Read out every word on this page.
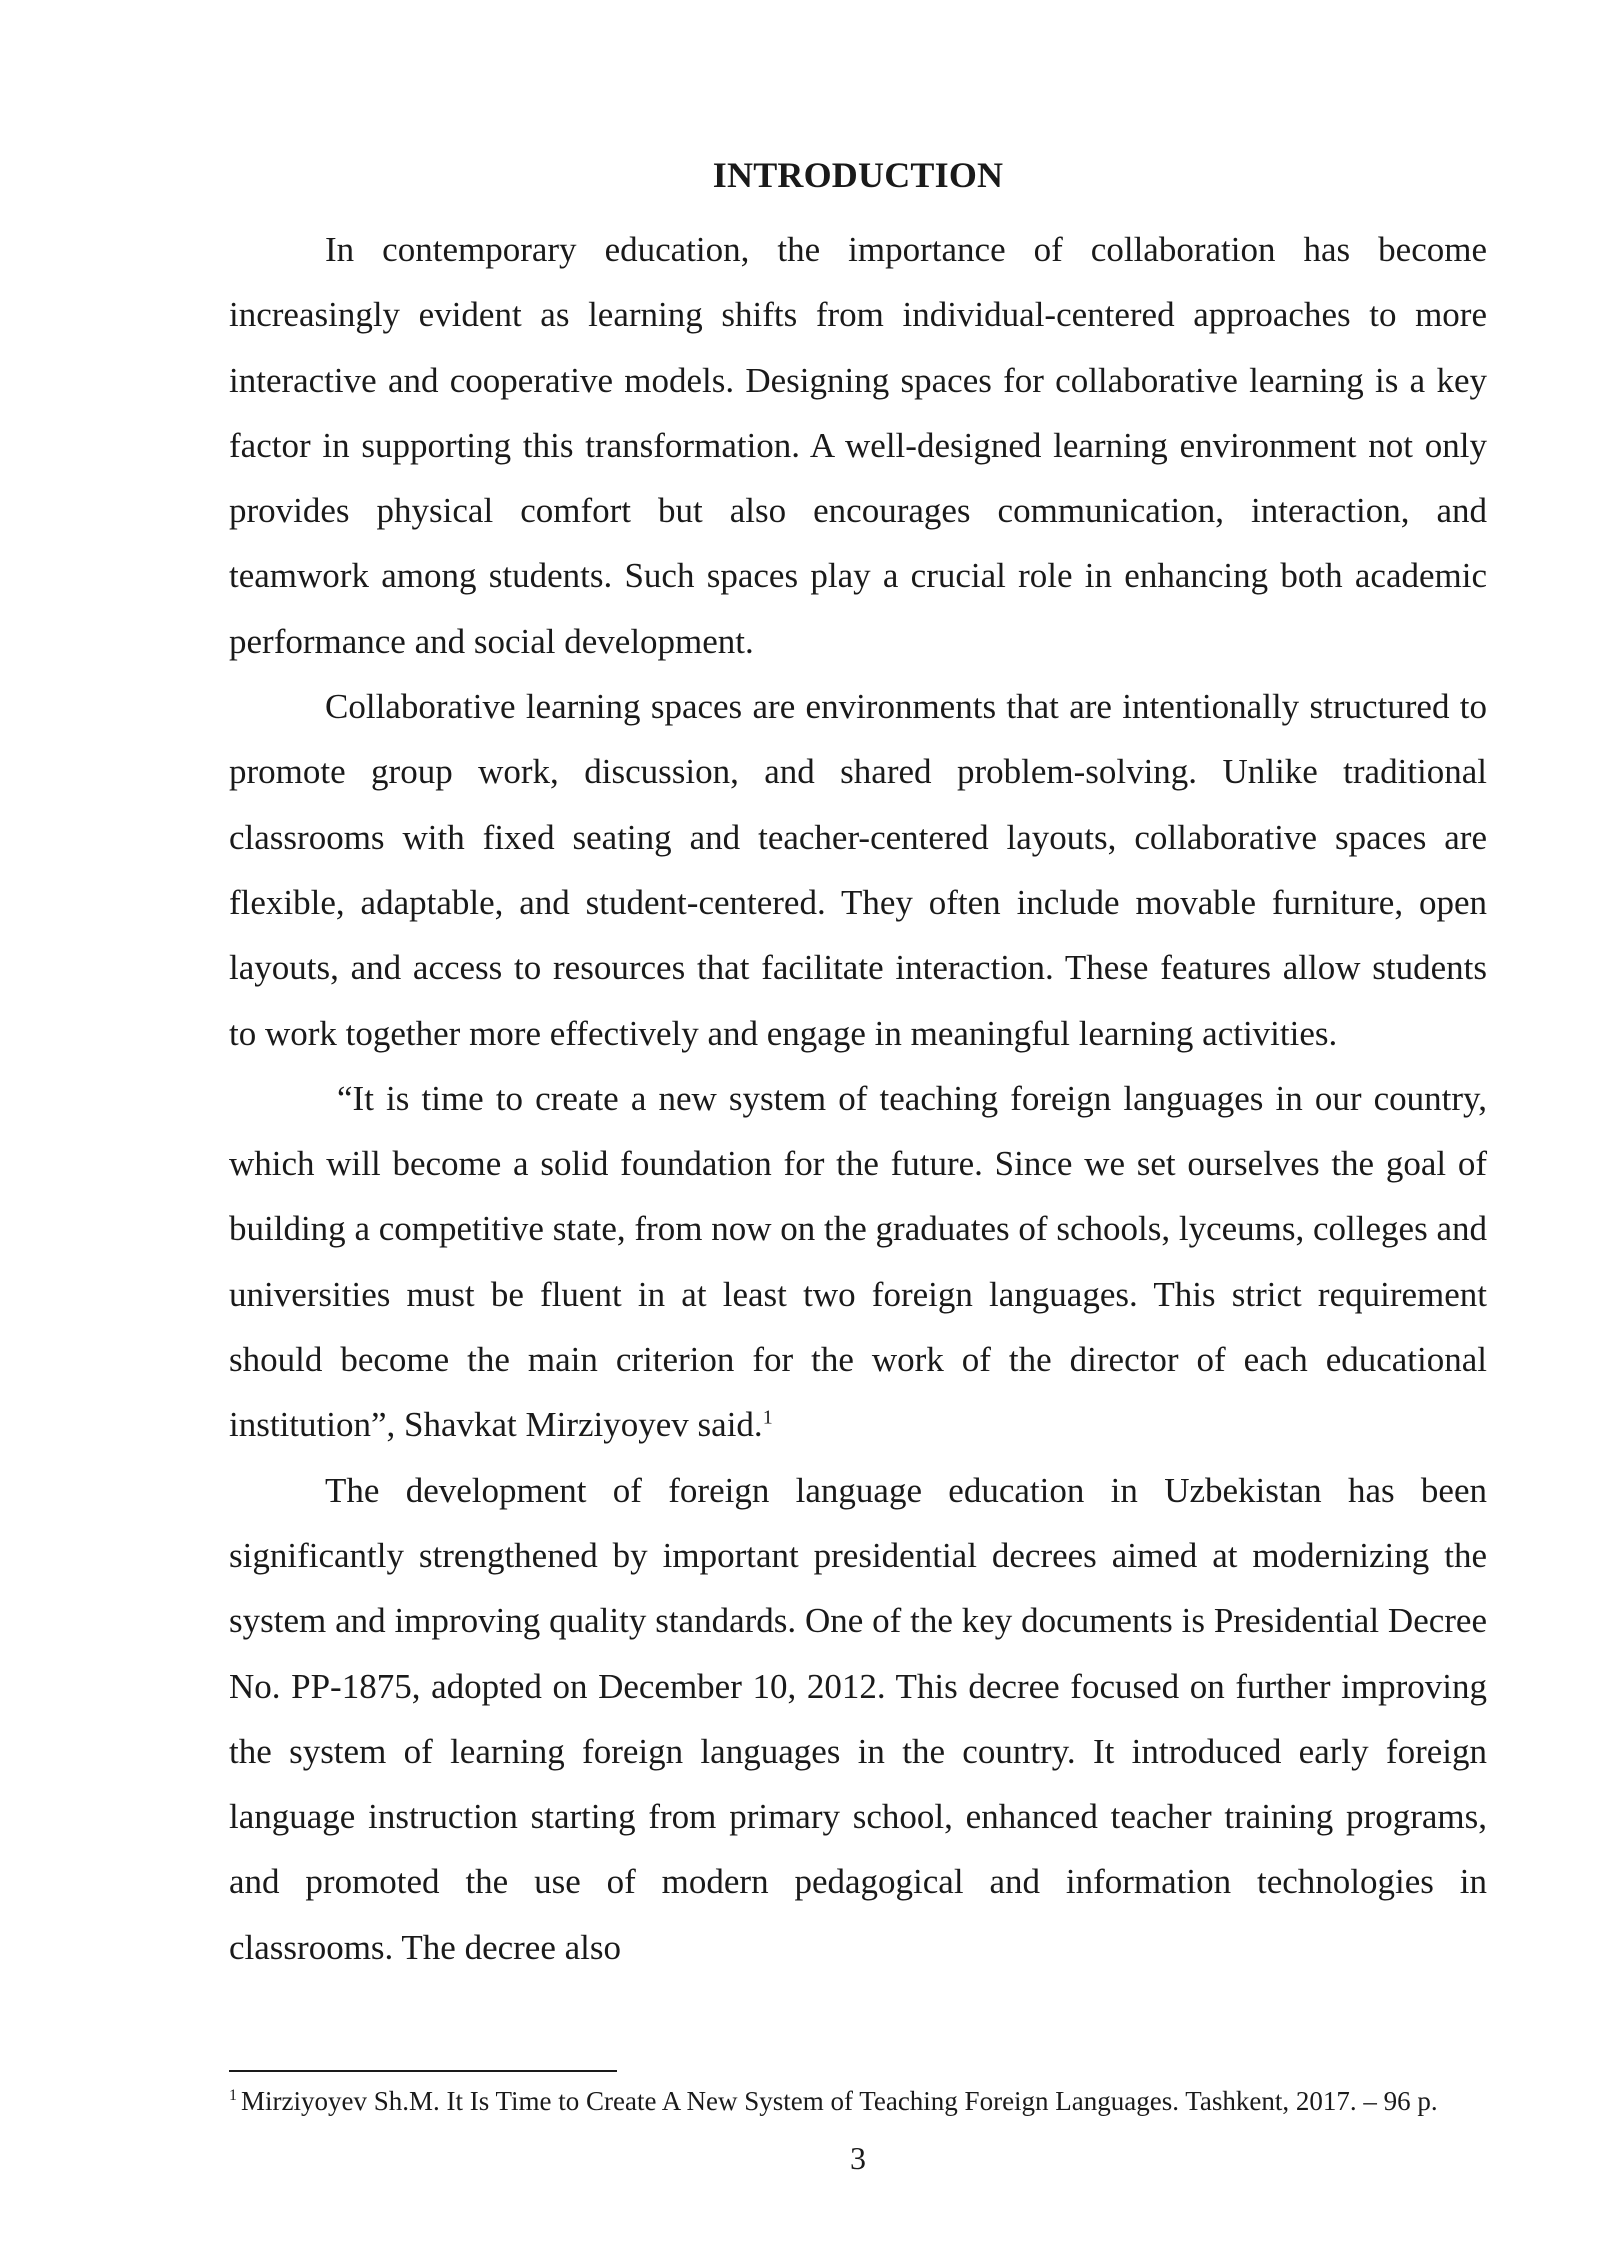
INTRODUCTION

In contemporary education, the importance of collaboration has become increasingly evident as learning shifts from individual-centered approaches to more interactive and cooperative models. Designing spaces for collaborative learning is a key factor in supporting this transformation. A well-designed learning environment not only provides physical comfort but also encourages communication, interaction, and teamwork among students. Such spaces play a crucial role in enhancing both academic performance and social development.

Collaborative learning spaces are environments that are intentionally structured to promote group work, discussion, and shared problem-solving. Unlike traditional classrooms with fixed seating and teacher-centered layouts, collaborative spaces are flexible, adaptable, and student-centered. They often include movable furniture, open layouts, and access to resources that facilitate interaction. These features allow students to work together more effectively and engage in meaningful learning activities.

“It is time to create a new system of teaching foreign languages in our country, which will become a solid foundation for the future. Since we set ourselves the goal of building a competitive state, from now on the graduates of schools, lyceums, colleges and universities must be fluent in at least two foreign languages. This strict requirement should become the main criterion for the work of the director of each educational institution”, Shavkat Mirziyoyev said.$^1$

The development of foreign language education in Uzbekistan has been significantly strengthened by important presidential decrees aimed at modernizing the system and improving quality standards. One of the key documents is Presidential Decree No. PP-1875, adopted on December 10, 2012. This decree focused on further improving the system of learning foreign languages in the country. It introduced early foreign language instruction starting from primary school, enhanced teacher training programs, and promoted the use of modern pedagogical and information technologies in classrooms. The decree also

$^1$ Mirziyoyev Sh.M. It Is Time to Create A New System of Teaching Foreign Languages. Tashkent, 2017. – 96 p.
3
